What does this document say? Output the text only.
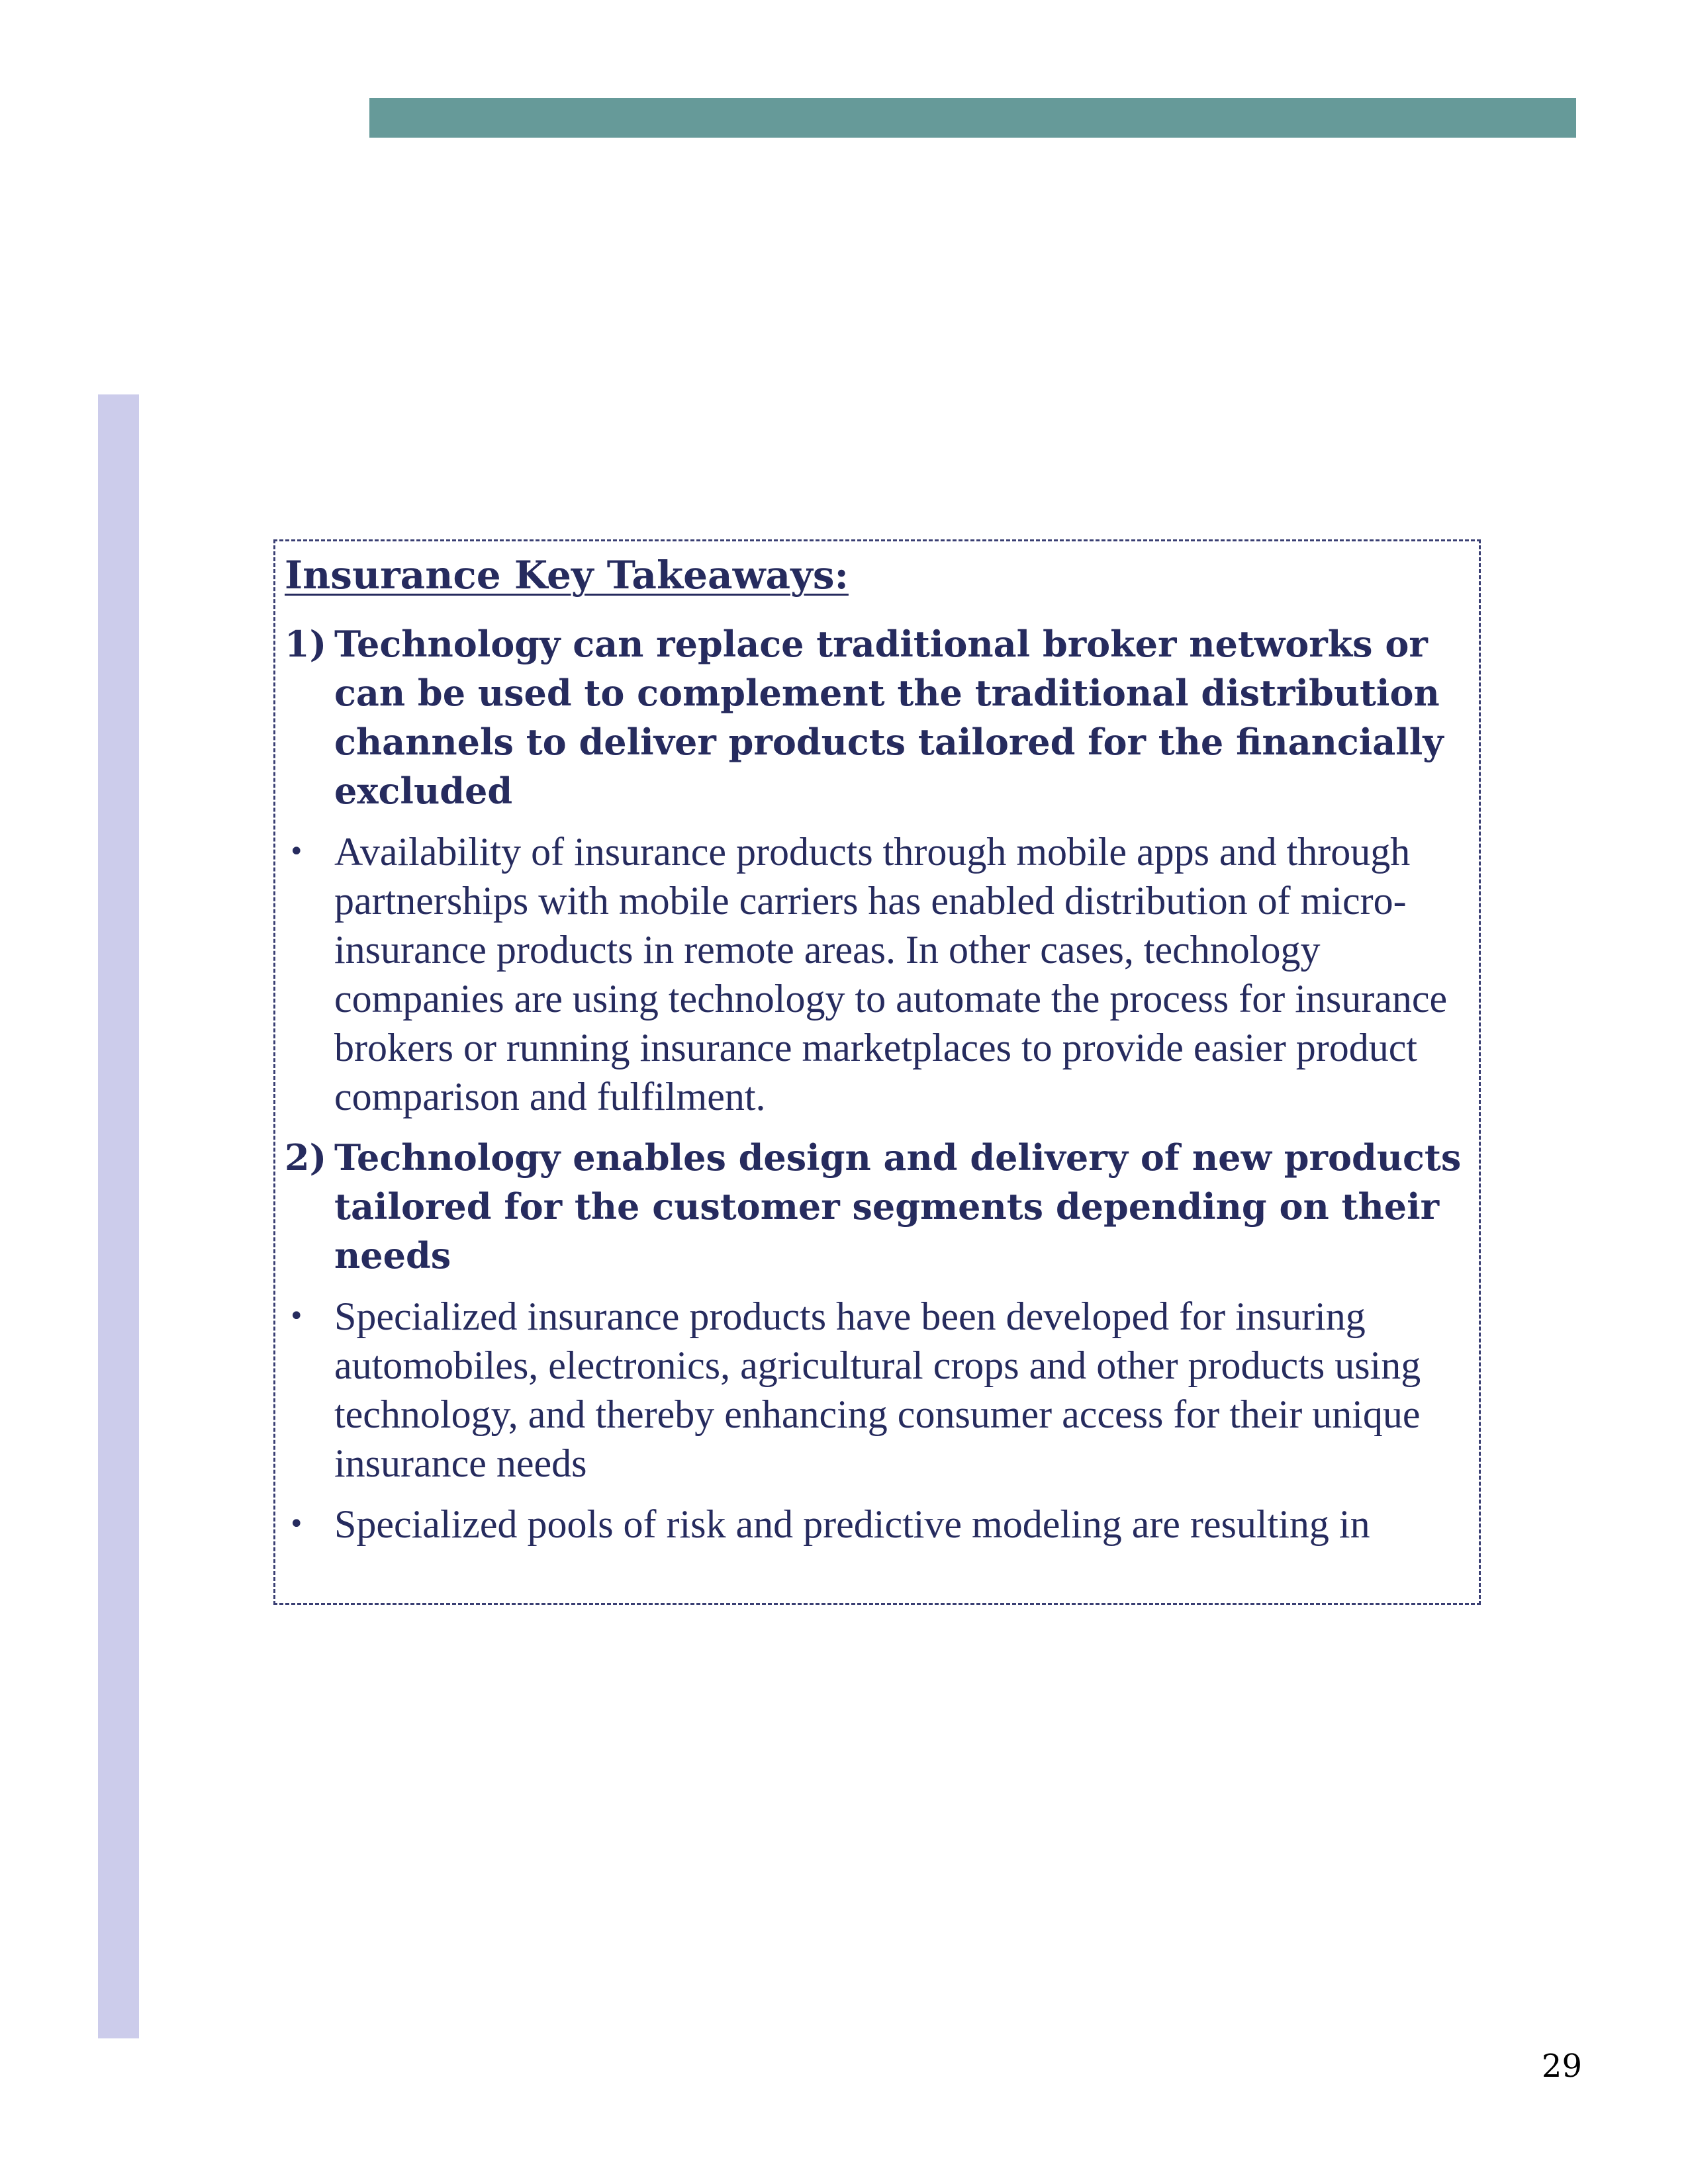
Insurance Key Takeaways:
1) Technology can replace traditional broker networks or can be used to complement the traditional distribution channels to deliver products tailored for the financially excluded
• Availability of insurance products through mobile apps and through partnerships with mobile carriers has enabled distribution of micro-insurance products in remote areas. In other cases, technology companies are using technology to automate the process for insurance brokers or running insurance marketplaces to provide easier product comparison and fulfilment.
2) Technology enables design and delivery of new products tailored for the customer segments depending on their needs
• Specialized insurance products have been developed for insuring automobiles, electronics, agricultural crops and other products using technology, and thereby enhancing consumer access for their unique insurance needs
• Specialized pools of risk and predictive modeling are resulting in
29
